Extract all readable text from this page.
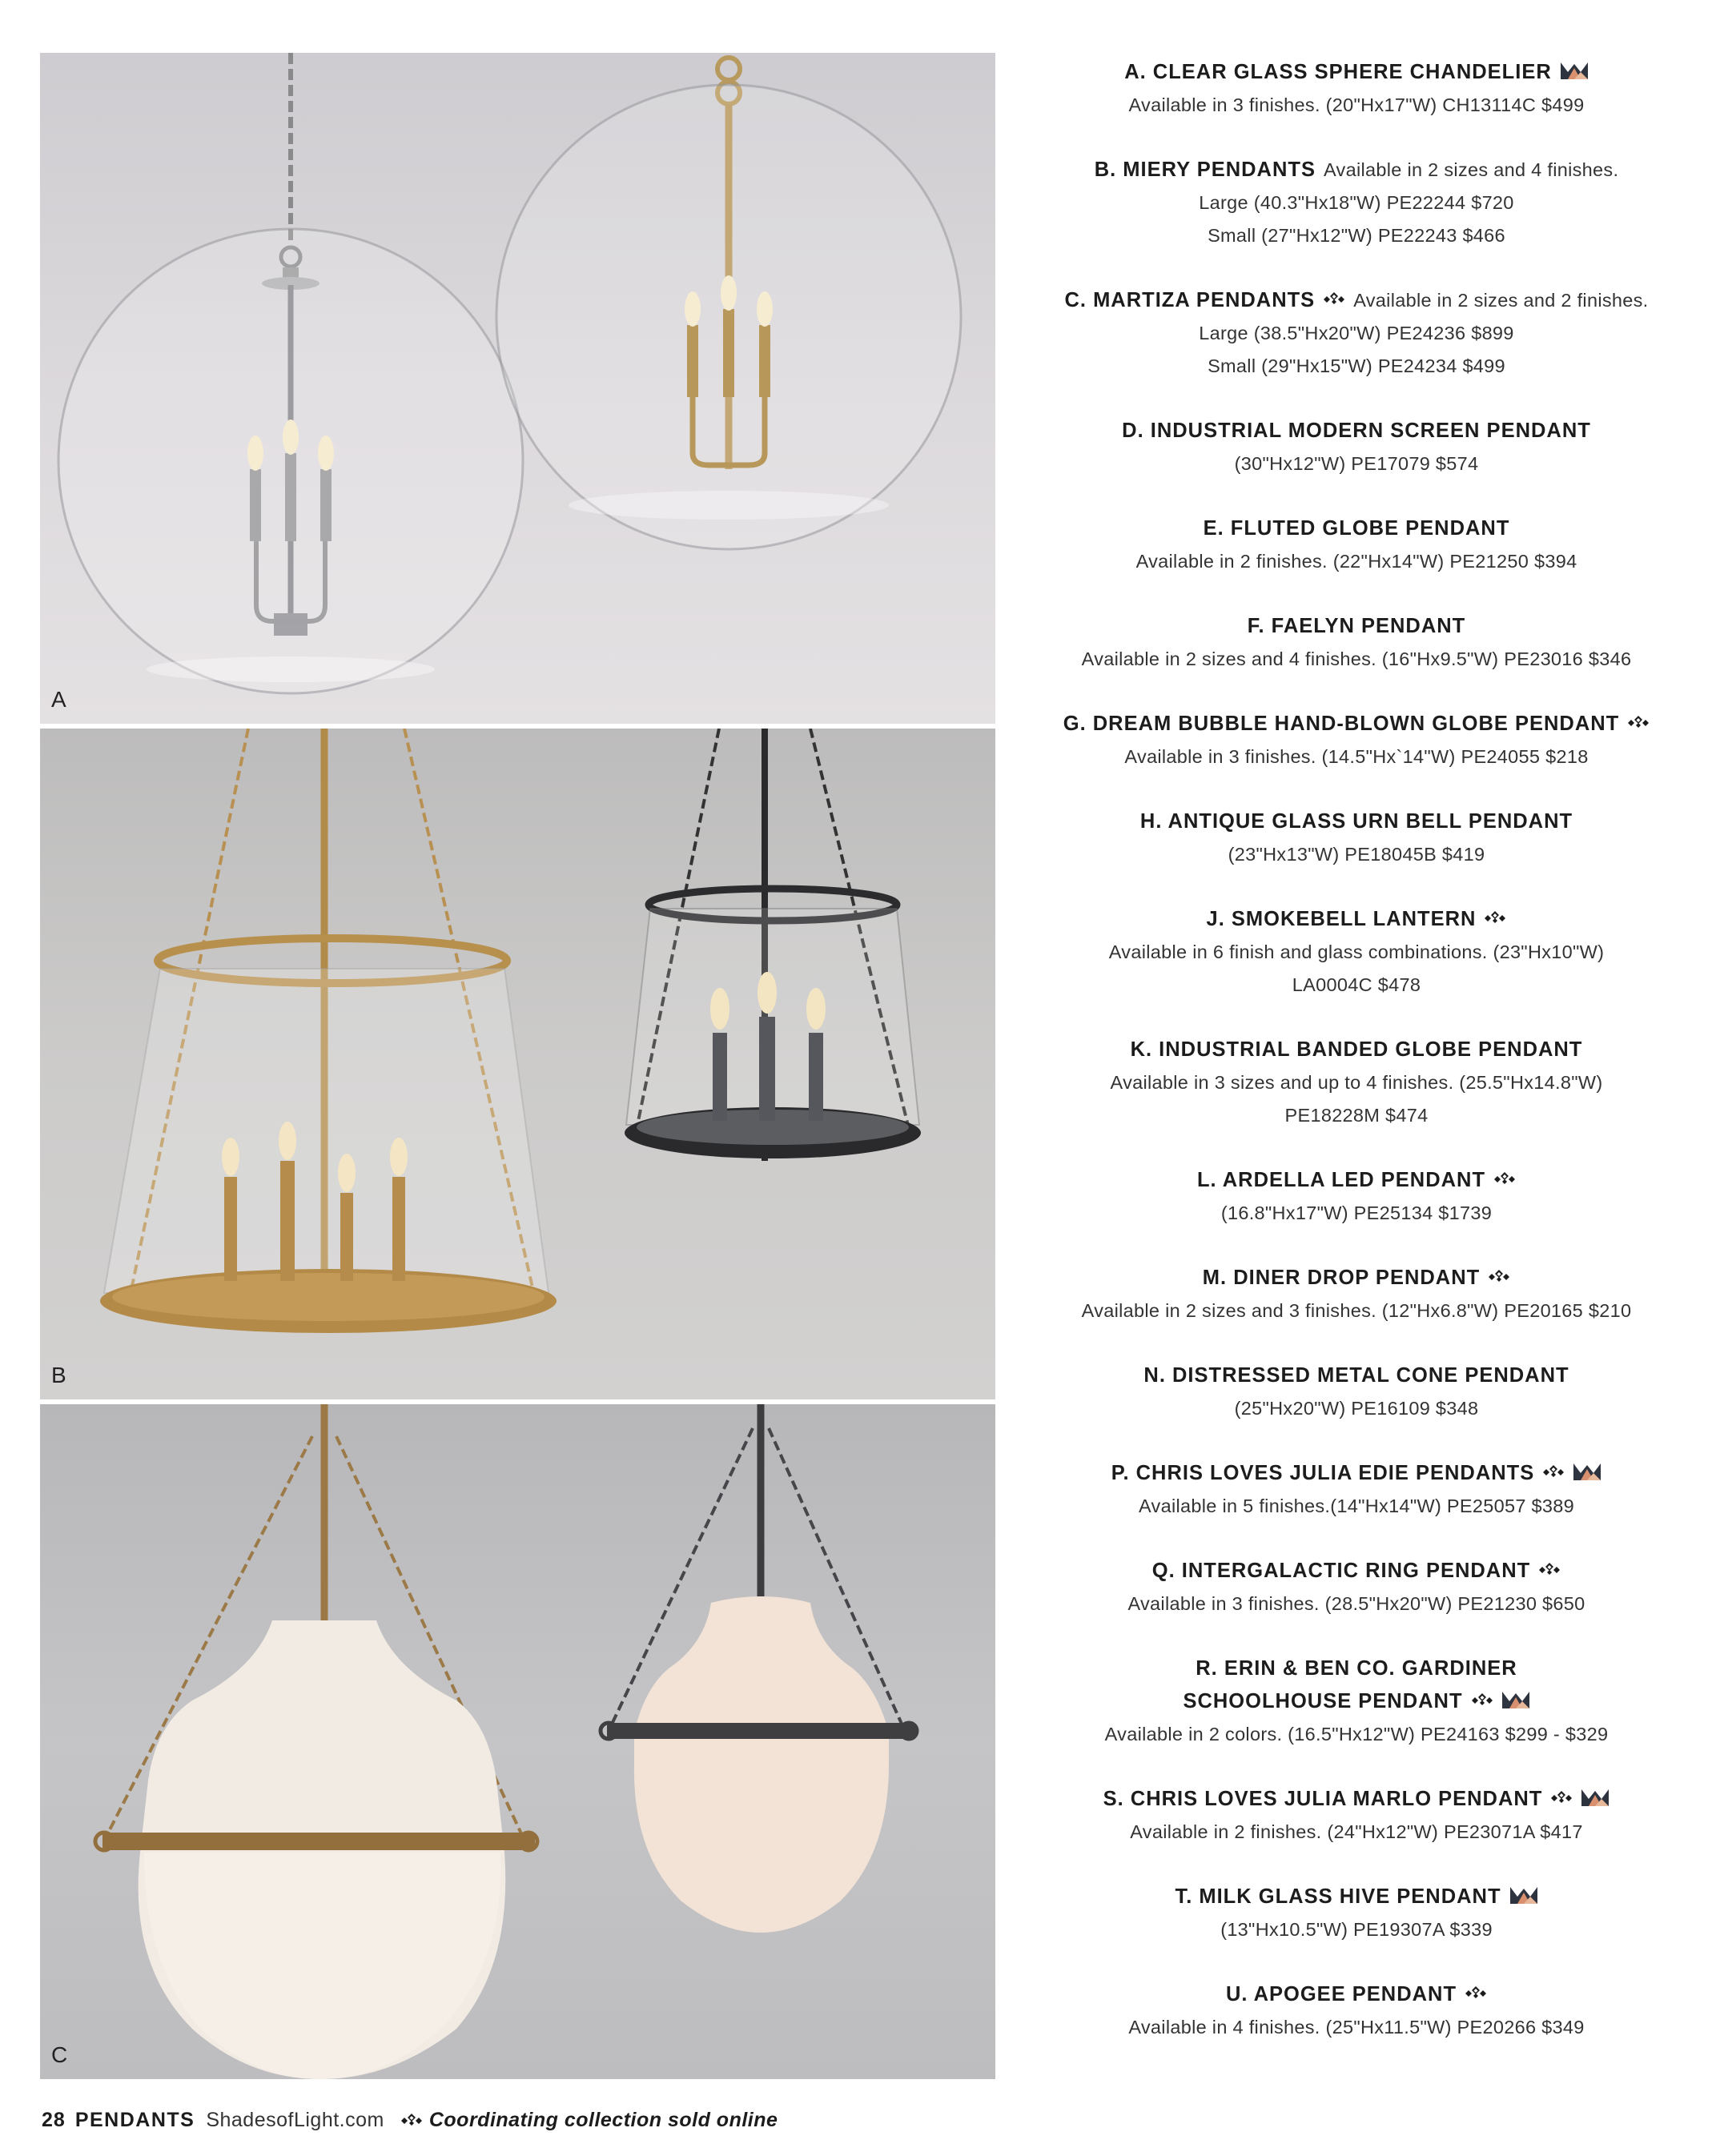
A
B
C
A. CLEAR GLASS SPHERE CHANDELIER
Available in 3 finishes. (20"Hx17"W) CH13114C $499
B. MIERY PENDANTS Available in 2 sizes and 4 finishes.
Large (40.3"Hx18"W) PE22244 $720
Small (27"Hx12"W) PE22243 $466
C. MARTIZA PENDANTS Available in 2 sizes and 2 finishes.
Large (38.5"Hx20"W) PE24236 $899
Small (29"Hx15"W) PE24234 $499
D. INDUSTRIAL MODERN SCREEN PENDANT
(30"Hx12"W) PE17079 $574
E. FLUTED GLOBE PENDANT
Available in 2 finishes. (22"Hx14"W) PE21250 $394
F. FAELYN PENDANT
Available in 2 sizes and 4 finishes. (16"Hx9.5"W) PE23016 $346
G. DREAM BUBBLE HAND-BLOWN GLOBE PENDANT
Available in 3 finishes. (14.5"Hx`14"W) PE24055 $218
H. ANTIQUE GLASS URN BELL PENDANT
(23"Hx13"W) PE18045B $419
J. SMOKEBELL LANTERN
Available in 6 finish and glass combinations. (23"Hx10"W)
LA0004C $478
K. INDUSTRIAL BANDED GLOBE PENDANT
Available in 3 sizes and up to 4 finishes. (25.5"Hx14.8"W)
PE18228M $474
L. ARDELLA LED PENDANT
(16.8"Hx17"W) PE25134 $1739
M. DINER DROP PENDANT
Available in 2 sizes and 3 finishes. (12"Hx6.8"W) PE20165 $210
N. DISTRESSED METAL CONE PENDANT
(25"Hx20"W) PE16109 $348
P. CHRIS LOVES JULIA EDIE PENDANTS
Available in 5 finishes.(14"Hx14"W) PE25057 $389
Q. INTERGALACTIC RING PENDANT
Available in 3 finishes. (28.5"Hx20"W) PE21230 $650
R. ERIN & BEN CO. GARDINER
SCHOOLHOUSE PENDANT
Available in 2 colors. (16.5"Hx12"W) PE24163 $299 - $329
S. CHRIS LOVES JULIA MARLO PENDANT
Available in 2 finishes. (24"Hx12"W) PE23071A $417
T. MILK GLASS HIVE PENDANT
(13"Hx10.5"W) PE19307A $339
U. APOGEE PENDANT
Available in 4 finishes. (25"Hx11.5"W) PE20266 $349
28 PENDANTS ShadesofLight.com Coordinating collection sold online
